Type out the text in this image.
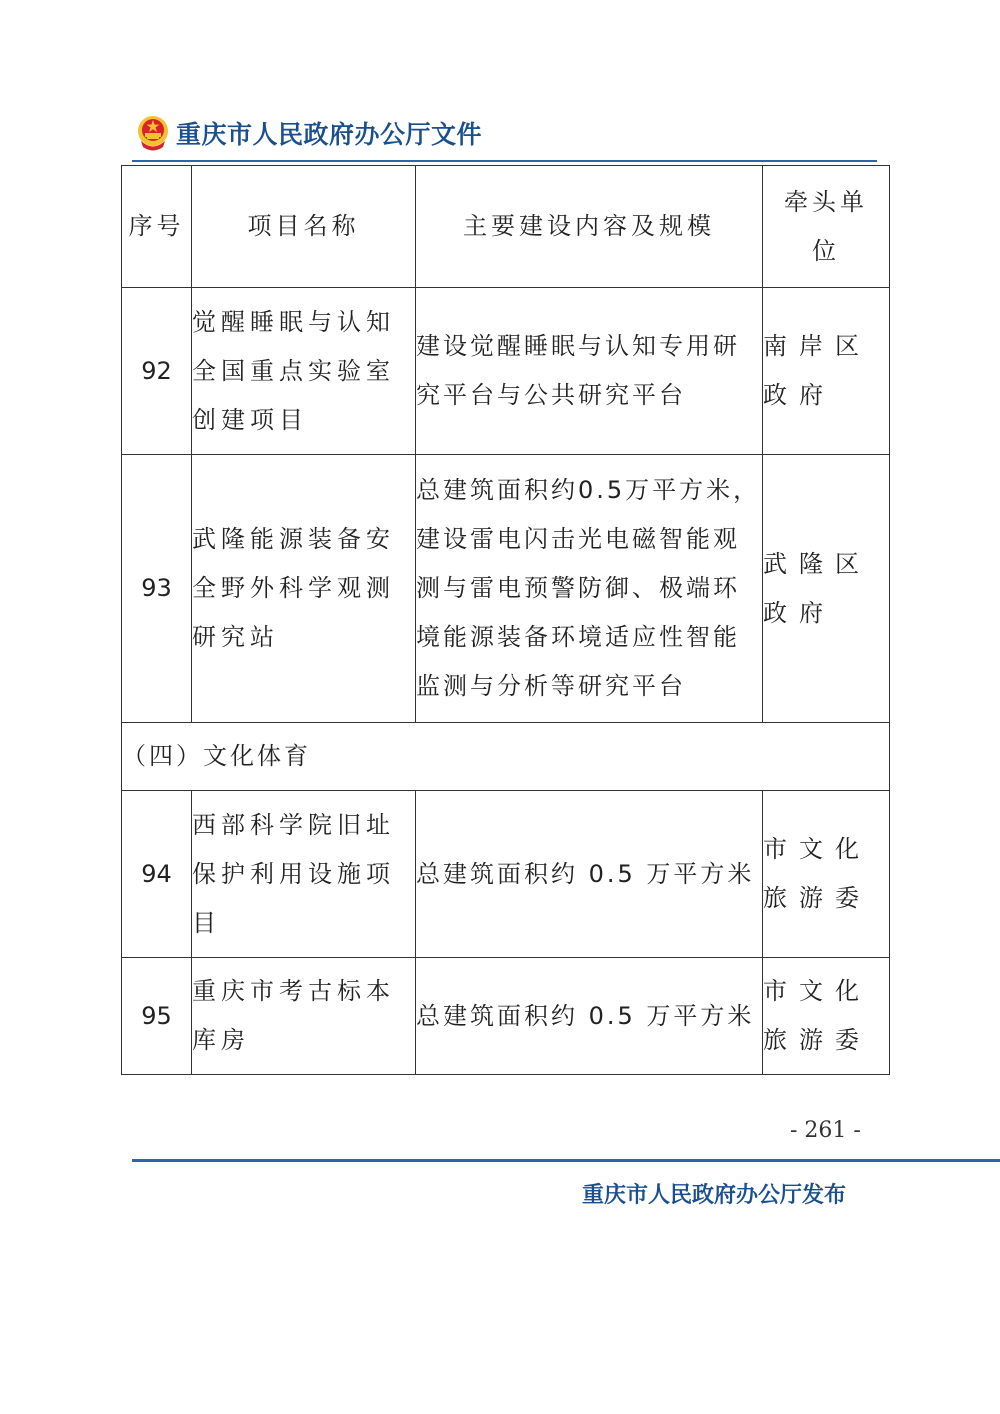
重庆市人民政府办公厅文件
序号	项目名称	主要建设内容及规模	牵头单位
92	觉醒睡眠与认知全国重点实验室创建项目	建设觉醒睡眠与认知专用研究平台与公共研究平台	南岸区政府
93	武隆能源装备安全野外科学观测研究站	总建筑面积约0.5万平方米，建设雷电闪击光电磁智能观测与雷电预警防御、极端环境能源装备环境适应性智能监测与分析等研究平台	武隆区政府
（四）文化体育			
94	西部科学院旧址保护利用设施项目	总建筑面积约 0.5 万平方米	市文化旅游委
95	重庆市考古标本库房	总建筑面积约 0.5 万平方米	市文化旅游委
- 261 -
重庆市人民政府办公厅发布
